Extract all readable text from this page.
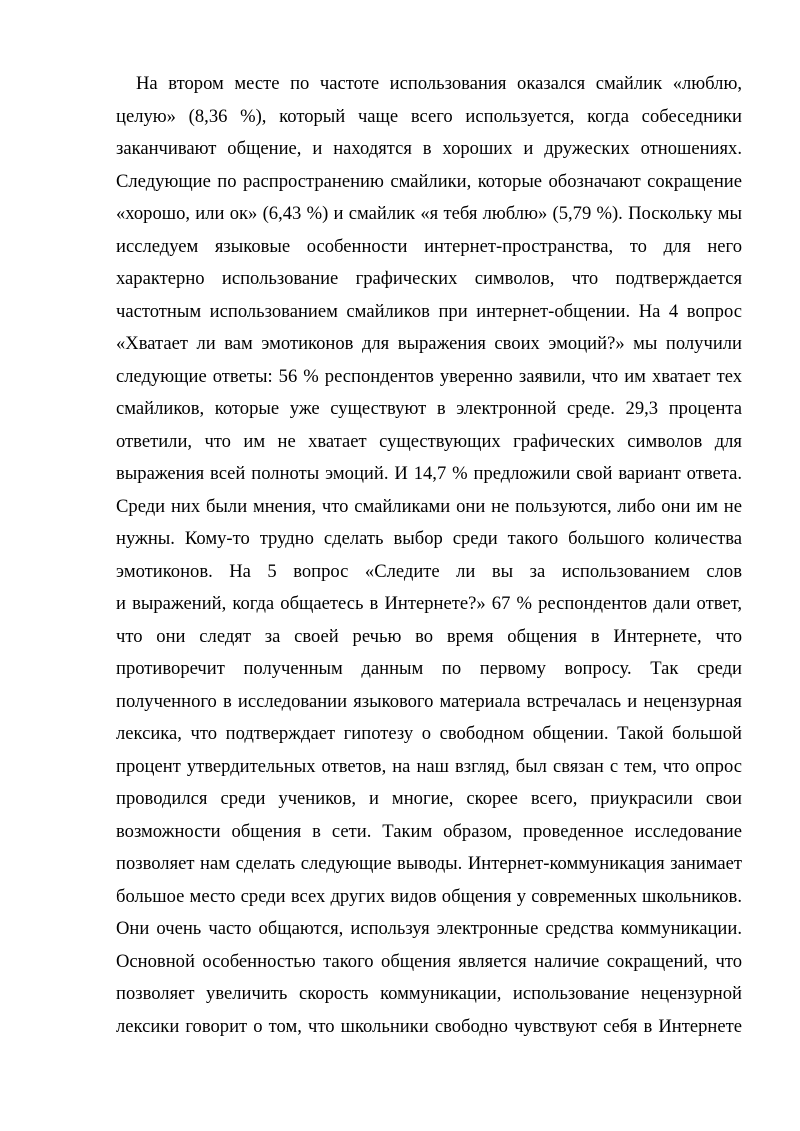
На втором месте по частоте использования оказался смайлик «люблю,
целую» (8,36 %), который чаще всего используется, когда собеседники
заканчивают общение, и находятся в хороших и дружеских отношениях.
Следующие по распространению смайлики, которые обозначают сокращение
«хорошо, или ок» (6,43 %) и смайлик «я тебя люблю» (5,79 %). Поскольку мы
исследуем языковые особенности интернет-пространства, то для него
характерно использование графических символов, что подтверждается
частотным использованием смайликов при интернет-общении. На 4 вопрос
«Хватает ли вам эмотиконов для выражения своих эмоций?» мы получили
следующие ответы: 56 % респондентов уверенно заявили, что им хватает тех
смайликов, которые уже существуют в электронной среде. 29,3 процента
ответили, что им не хватает существующих графических символов для
выражения всей полноты эмоций. И 14,7 % предложили свой вариант ответа.
Среди них были мнения, что смайликами они не пользуются, либо они им не
нужны. Кому-то трудно сделать выбор среди такого большого количества
эмотиконов. На 5 вопрос «Следите ли вы за использованием слов
и выражений, когда общаетесь в Интернете?» 67 % респондентов дали ответ,
что они следят за своей речью во время общения в Интернете, что
противоречит полученным данным по первому вопросу. Так среди
полученного в исследовании языкового материала встречалась и нецензурная
лексика, что подтверждает гипотезу о свободном общении. Такой большой
процент утвердительных ответов, на наш взгляд, был связан с тем, что опрос
проводился среди учеников, и многие, скорее всего, приукрасили свои
возможности общения в сети. Таким образом, проведенное исследование
позволяет нам сделать следующие выводы. Интернет-коммуникация занимает
большое место среди всех других видов общения у современных школьников.
Они очень часто общаются, используя электронные средства коммуникации.
Основной особенностью такого общения является наличие сокращений, что
позволяет увеличить скорость коммуникации, использование нецензурной
лексики говорит о том, что школьники свободно чувствуют себя в Интернете
